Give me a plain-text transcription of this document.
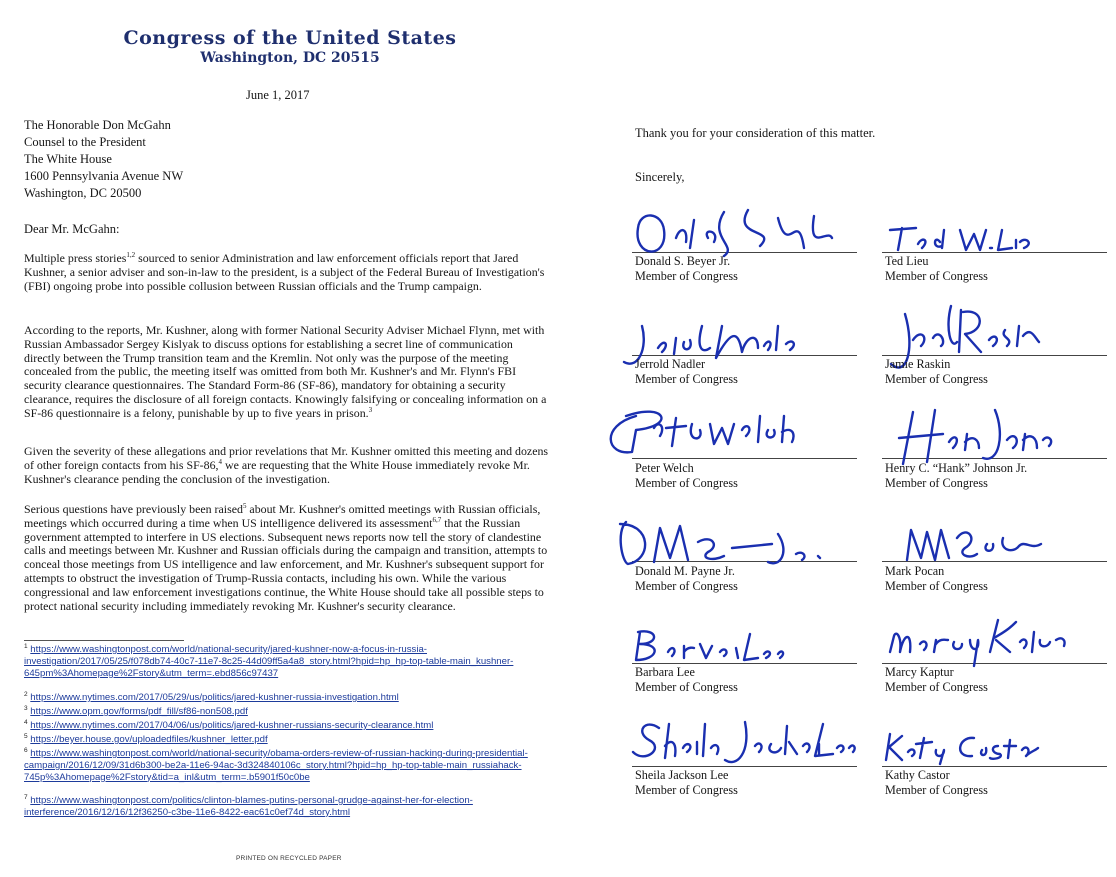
Congress of the United States
Washington, DC 20515
June 1, 2017
The Honorable Don McGahn
Counsel to the President
The White House
1600 Pennsylvania Avenue NW
Washington, DC 20500
Dear Mr. McGahn:
Multiple press stories$^{1,2}$ sourced to senior Administration and law enforcement officials report that Jared Kushner, a senior adviser and son-in-law to the president, is a subject of the Federal Bureau of Investigation's (FBI) ongoing probe into possible collusion between Russian officials and the Trump campaign.
According to the reports, Mr. Kushner, along with former National Security Adviser Michael Flynn, met with Russian Ambassador Sergey Kislyak to discuss options for establishing a secret line of communication directly between the Trump transition team and the Kremlin. Not only was the purpose of the meeting concealed from the public, the meeting itself was omitted from both Mr. Kushner's and Mr. Flynn's FBI security clearance questionnaires. The Standard Form-86 (SF-86), mandatory for obtaining a security clearance, requires the disclosure of all foreign contacts. Knowingly falsifying or concealing information on a SF-86 questionnaire is a felony, punishable by up to five years in prison.$^3$
Given the severity of these allegations and prior revelations that Mr. Kushner omitted this meeting and dozens of other foreign contacts from his SF-86,$^4$ we are requesting that the White House immediately revoke Mr. Kushner's clearance pending the conclusion of the investigation.
Serious questions have previously been raised$^5$ about Mr. Kushner's omitted meetings with Russian officials, meetings which occurred during a time when US intelligence delivered its assessment$^{6,7}$ that the Russian government attempted to interfere in US elections. Subsequent news reports now tell the story of clandestine calls and meetings between Mr. Kushner and Russian officials during the campaign and transition, attempts to conceal those meetings from US intelligence and law enforcement, and Mr. Kushner's subsequent support for attempts to obstruct the investigation of Trump-Russia contacts, including his own. While the various congressional and law enforcement investigations continue, the White House should take all possible steps to protect national security including immediately revoking Mr. Kushner's security clearance.
$^1$ https://www.washingtonpost.com/world/national-security/jared-kushner-now-a-focus-in-russia-investigation/2017/05/25/f078db74-40c7-11e7-8c25-44d09ff5a4a8_story.html?hpid=hp_hp-top-table-main_kushner-645pm%3Ahomepage%2Fstory&utm_term=.ebd856c97437
$^2$ https://www.nytimes.com/2017/05/29/us/politics/jared-kushner-russia-investigation.html
$^3$ https://www.opm.gov/forms/pdf_fill/sf86-non508.pdf
$^4$ https://www.nytimes.com/2017/04/06/us/politics/jared-kushner-russians-security-clearance.html
$^5$ https://beyer.house.gov/uploadedfiles/kushner_letter.pdf
$^6$ https://www.washingtonpost.com/world/national-security/obama-orders-review-of-russian-hacking-during-presidential-campaign/2016/12/09/31d6b300-be2a-11e6-94ac-3d324840106c_story.html?hpid=hp_hp-top-table-main_russiahack-745p%3Ahomepage%2Fstory&tid=a_inl&utm_term=.b5901f50c0be
$^7$ https://www.washingtonpost.com/politics/clinton-blames-putins-personal-grudge-against-her-for-election-interference/2016/12/16/12f36250-c3be-11e6-8422-eac61c0ef74d_story.html
PRINTED ON RECYCLED PAPER
Thank you for your consideration of this matter.
Sincerely,
Donald S. Beyer Jr.
Member of Congress
Ted Lieu
Member of Congress
Jerrold Nadler
Member of Congress
Jamie Raskin
Member of Congress
Peter Welch
Member of Congress
Henry C. “Hank” Johnson Jr.
Member of Congress
Donald M. Payne Jr.
Member of Congress
Mark Pocan
Member of Congress
Barbara Lee
Member of Congress
Marcy Kaptur
Member of Congress
Sheila Jackson Lee
Member of Congress
Kathy Castor
Member of Congress
